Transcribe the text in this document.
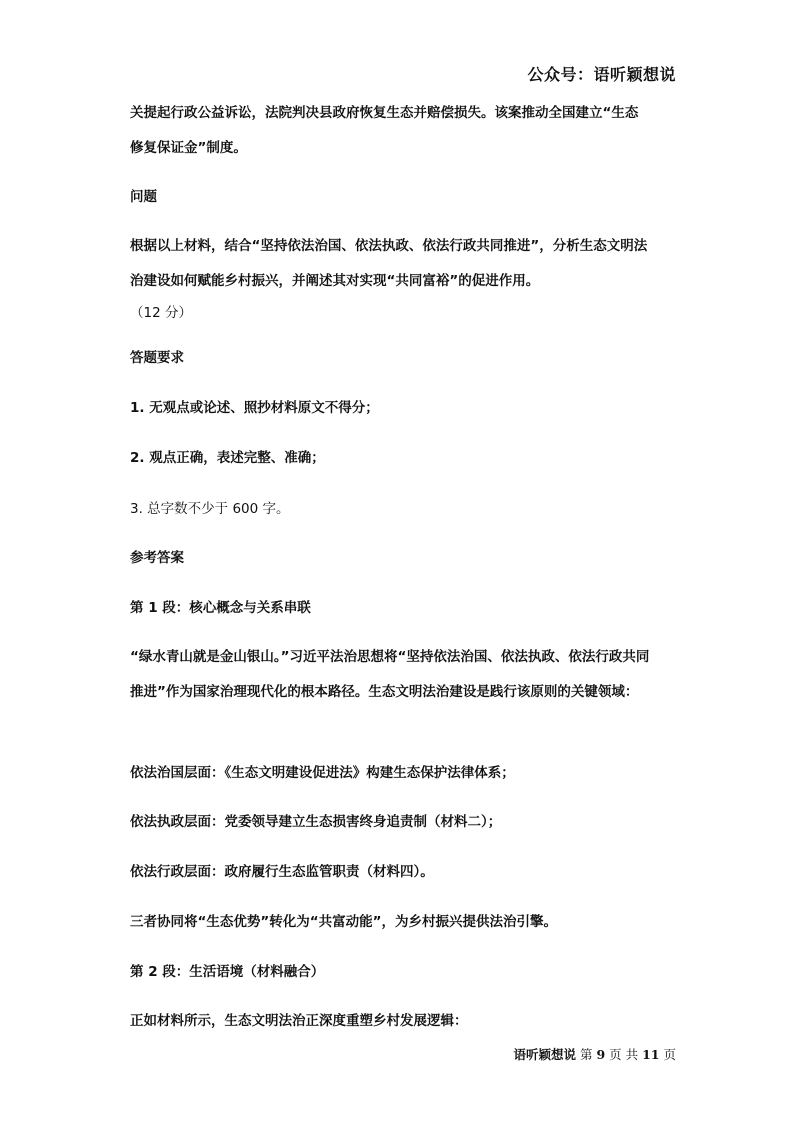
公众号：语听颖想说

关提起行政公益诉讼，法院判决县政府恢复生态并赔偿损失。该案推动全国建立“生态修复保证金”制度。

问题

根据以上材料，结合“坚持依法治国、依法执政、依法行政共同推进”，分析生态文明法治建设如何赋能乡村振兴，并阐述其对实现“共同富裕”的促进作用。

（12 分）

答题要求

1. 无观点或论述、照抄材料原文不得分；

2. 观点正确，表述完整、准确；

3. 总字数不少于 600 字。

参考答案

第 1 段：核心概念与关系串联

“绿水青山就是金山银山。”习近平法治思想将“坚持依法治国、依法执政、依法行政共同推进”作为国家治理现代化的根本路径。生态文明法治建设是践行该原则的关键领域：

依法治国层面：《生态文明建设促进法》构建生态保护法律体系；

依法执政层面：党委领导建立生态损害终身追责制（材料二）；

依法行政层面：政府履行生态监管职责（材料四）。

三者协同将“生态优势”转化为“共富动能”，为乡村振兴提供法治引擎。

第 2 段：生活语境（材料融合）

正如材料所示，生态文明法治正深度重塑乡村发展逻辑：

语听颖想说 第 9 页 共 11 页
